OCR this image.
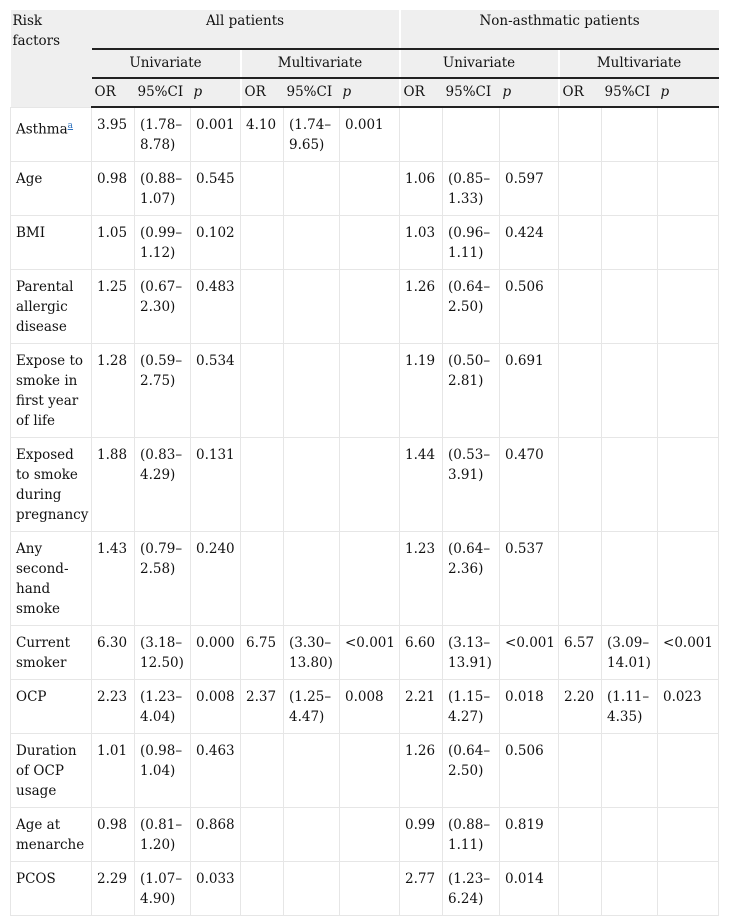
Risk factors	All patients						Non-asthmatic patients					
	Univariate			Multivariate			Univariate			Multivariate		
	OR	95%CI	p	OR	95%CI	p	OR	95%CI	p	OR	95%CI	p
Asthma$^a$	3.95	(1.78–8.78)	0.001	4.10	(1.74–9.65)	0.001						
Age	0.98	(0.88–1.07)	0.545				1.06	(0.85–1.33)	0.597			
BMI	1.05	(0.99–1.12)	0.102				1.03	(0.96–1.11)	0.424			
Parental allergic disease	1.25	(0.67–2.30)	0.483				1.26	(0.64–2.50)	0.506			
Expose to smoke in first year of life	1.28	(0.59–2.75)	0.534				1.19	(0.50–2.81)	0.691			
Exposed to smoke during pregnancy	1.88	(0.83–4.29)	0.131				1.44	(0.53–3.91)	0.470			
Any second-hand smoke	1.43	(0.79–2.58)	0.240				1.23	(0.64–2.36)	0.537			
Current smoker	6.30	(3.18–12.50)	0.000	6.75	(3.30–13.80)	<0.001	6.60	(3.13–13.91)	<0.001	6.57	(3.09–14.01)	<0.001
OCP	2.23	(1.23–4.04)	0.008	2.37	(1.25–4.47)	0.008	2.21	(1.15–4.27)	0.018	2.20	(1.11–4.35)	0.023
Duration of OCP usage	1.01	(0.98–1.04)	0.463				1.26	(0.64–2.50)	0.506			
Age at menarche	0.98	(0.81–1.20)	0.868				0.99	(0.88–1.11)	0.819			
PCOS	2.29	(1.07–4.90)	0.033				2.77	(1.23–6.24)	0.014			
